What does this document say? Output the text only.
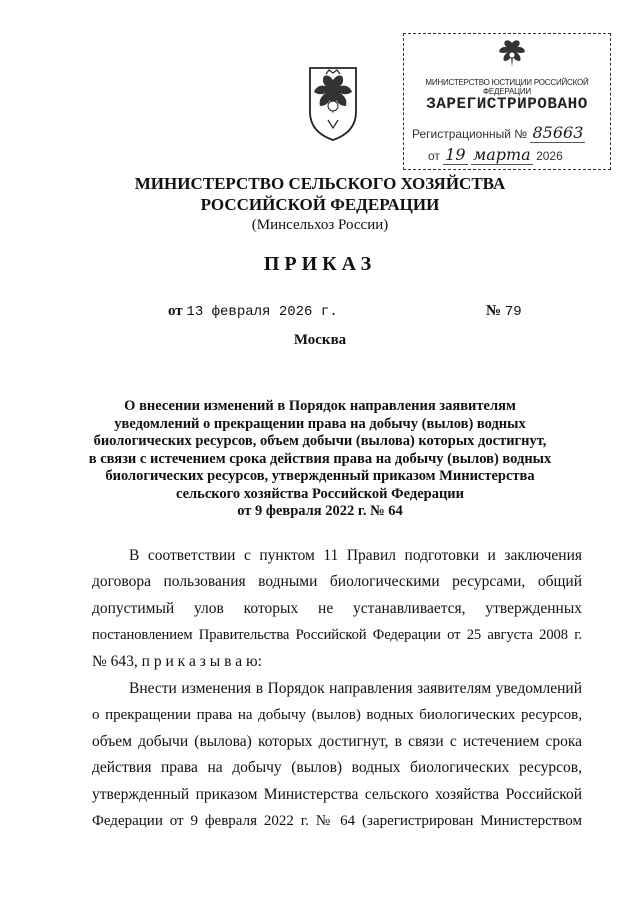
МИНИСТЕРСТВО ЮСТИЦИИ РОССИЙСКОЙ ФЕДЕРАЦИИ
ЗАРЕГИСТРИРОВАНО
Регистрационный № 85663
от 19 марта 2026
МИНИСТЕРСТВО СЕЛЬСКОГО ХОЗЯЙСТВА
РОССИЙСКОЙ ФЕДЕРАЦИИ
(Минсельхоз России)
ПРИКАЗ
от 13 февраля 2026 г.	№ 79
Москва
О внесении изменений в Порядок направления заявителям
уведомлений о прекращении права на добычу (вылов) водных
биологических ресурсов, объем добычи (вылова) которых достигнут,
в связи с истечением срока действия права на добычу (вылов) водных
биологических ресурсов, утвержденный приказом Министерства
сельского хозяйства Российской Федерации
от 9 февраля 2022 г. № 64
В соответствии с пунктом 11 Правил подготовки и заключения
договора пользования водными биологическими ресурсами, общий
допустимый улов которых не устанавливается, утвержденных
постановлением Правительства Российской Федерации от 25 августа 2008 г.
№ 643, п р и к а з ы в а ю:
Внести изменения в Порядок направления заявителям уведомлений
о прекращении права на добычу (вылов) водных биологических ресурсов,
объем добычи (вылова) которых достигнут, в связи с истечением срока
действия права на добычу (вылов) водных биологических ресурсов,
утвержденный приказом Министерства сельского хозяйства Российской
Федерации от 9 февраля 2022 г. № 64 (зарегистрирован Министерством
